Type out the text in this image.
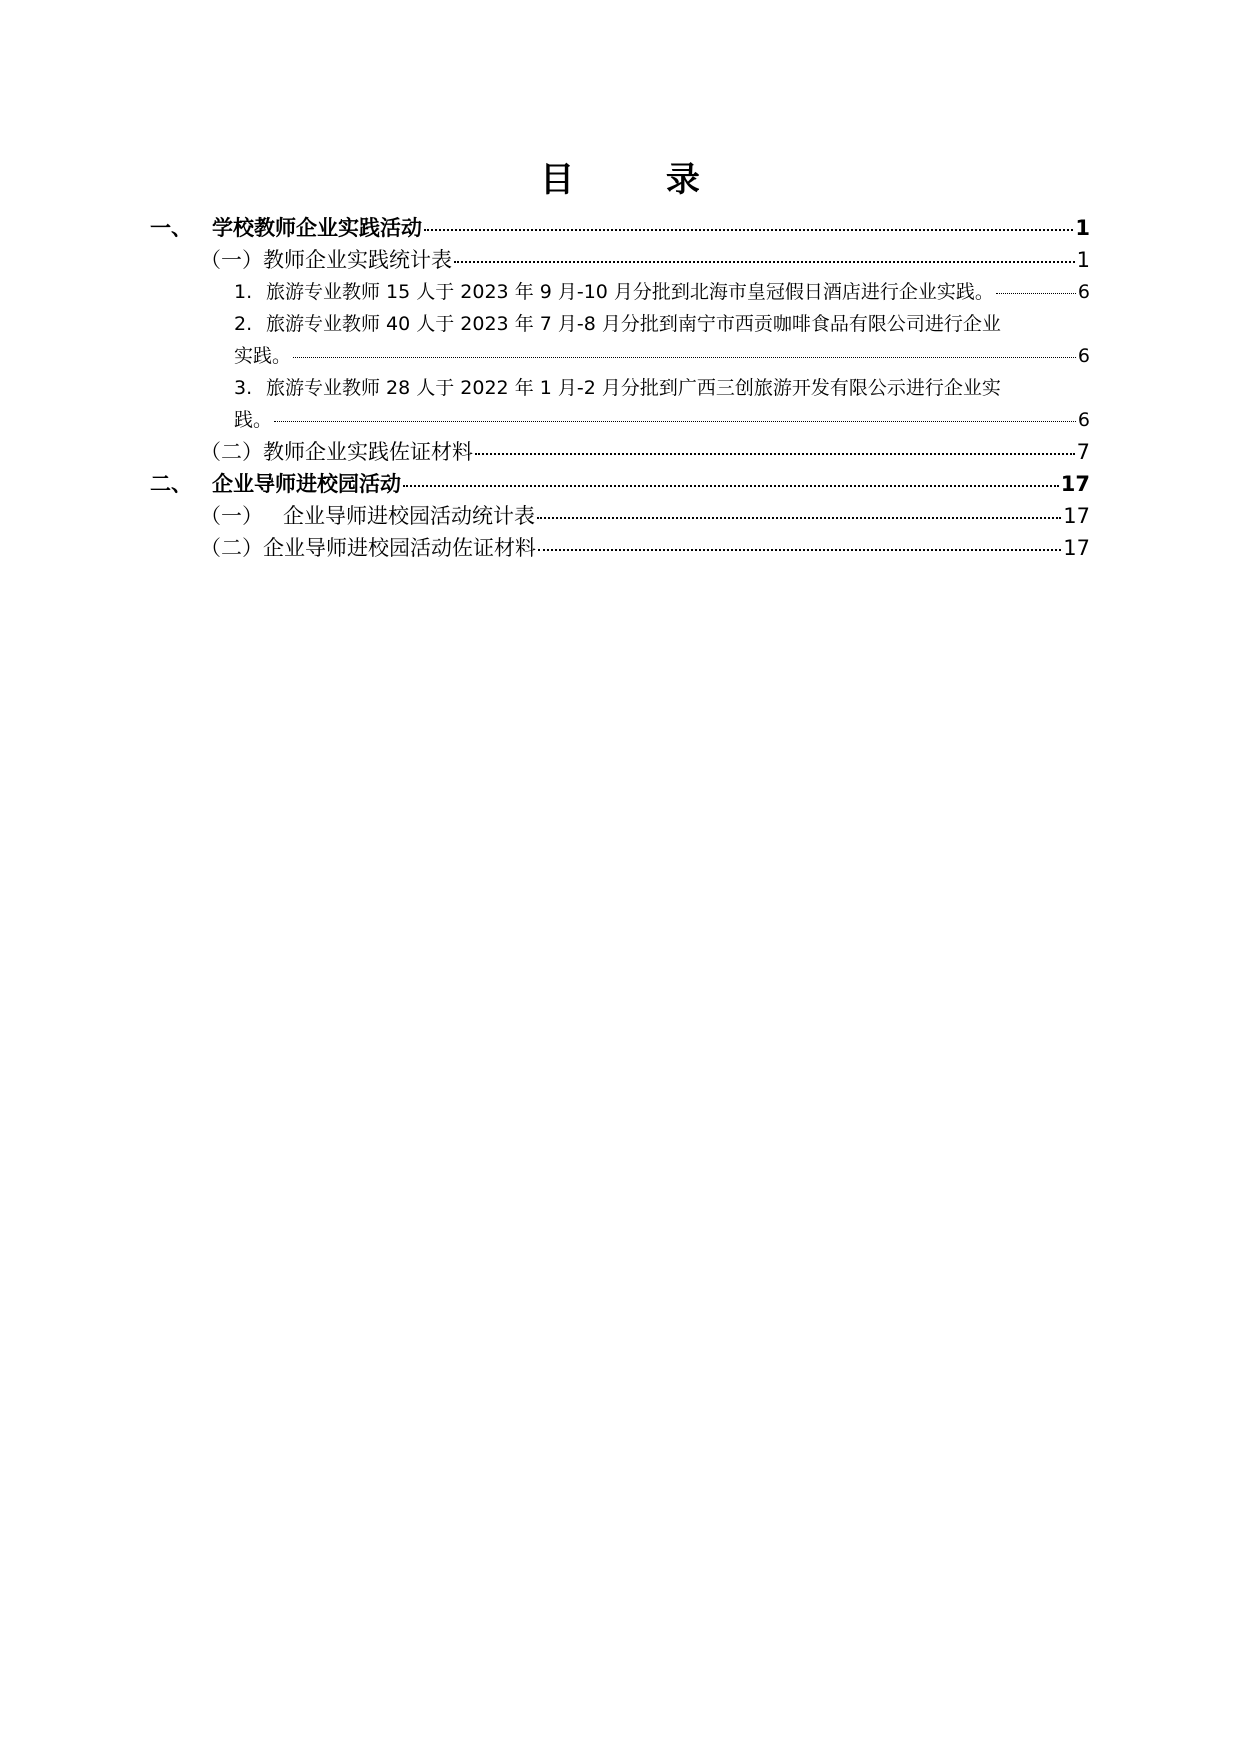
目 录
一、 学校教师企业实践活动	1
（一）教师企业实践统计表	1
1. 旅游专业教师 15 人于 2023 年 9 月-10 月分批到北海市皇冠假日酒店进行企业实践。	6
2. 旅游专业教师 40 人于 2023 年 7 月-8 月分批到南宁市西贡咖啡食品有限公司进行企业
实践。	6
3. 旅游专业教师 28 人于 2022 年 1 月-2 月分批到广西三创旅游开发有限公示进行企业实
践。	6
（二）教师企业实践佐证材料	7
二、 企业导师进校园活动	17
（一） 企业导师进校园活动统计表	17
（二）企业导师进校园活动佐证材料	17
